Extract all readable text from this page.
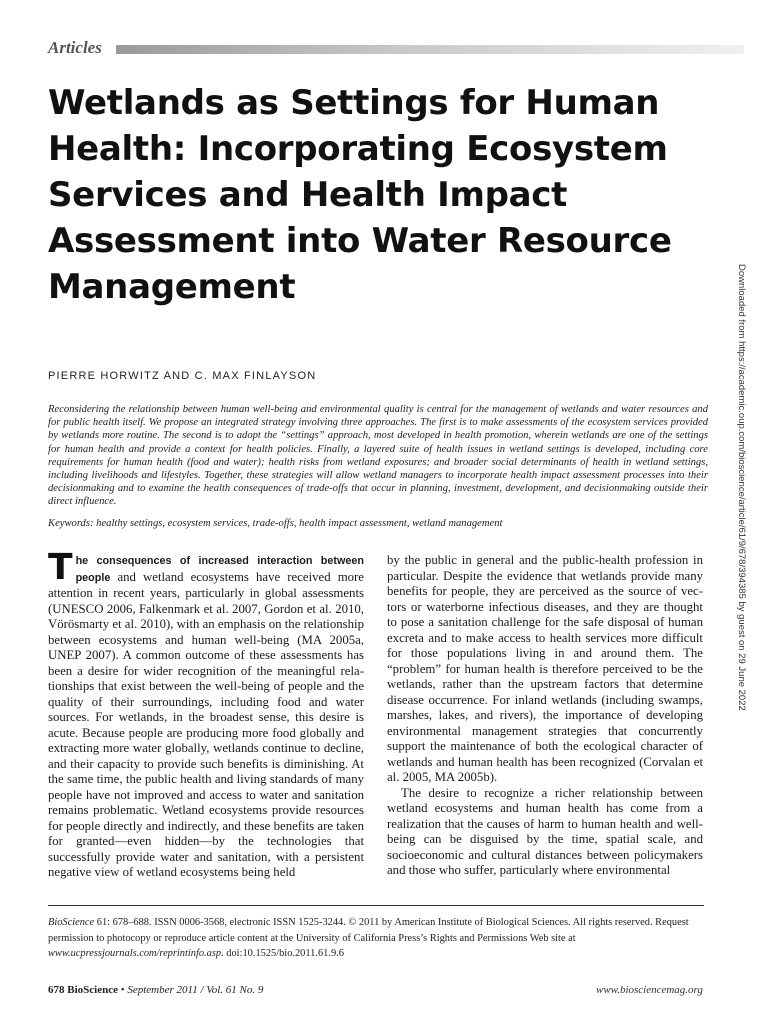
Articles
Wetlands as Settings for Human Health: Incorporating Ecosystem Services and Health Impact Assessment into Water Resource Management	Downloaded from https://academic.oup.com/bioscience/article/61/9/678/394385 by guest on 29 June 2022
PIERRE HORWITZ AND C. MAX FINLAYSON

Reconsidering the relationship between human well-being and environmental quality is central for the management of wetlands and water resources and for public health itself. We propose an integrated strategy involving three approaches. The first is to make assessments of the ecosystem services provided by wetlands more routine. The second is to adopt the “settings” approach, most developed in health promotion, wherein wetlands are one of the settings for human health and provide a context for health policies. Finally, a layered suite of health issues in wetland settings is developed, including core requirements for human health (food and water); health risks from wetland exposures; and broader social determinants of health in wetland settings, including livelihoods and lifestyles. Together, these strategies will allow wetland managers to incorporate health impact assessment processes into their decisionmaking and to examine the health consequences of trade-offs that occur in planning, investment, development, and decisionmaking outside their direct influence.

Keywords: healthy settings, ecosystem services, trade-offs, health impact assessment, wetland management

The consequences of increased interaction between people and wetland ecosystems have received more attention in recent years, particularly in global assessments (UNESCO 2006, Falkenmark et al. 2007, Gordon et al. 2010, Vörösmarty et al. 2010), with an emphasis on the relationship between ecosystems and human well-being (MA 2005a, UNEP 2007). A common outcome of these assessments has been a desire for wider recognition of the meaningful relationships that exist between the well-being of people and the quality of their surroundings, including food and water sources. For wetlands, in the broadest sense, this desire is acute. Because people are producing more food globally and extracting more water globally, wetlands continue to decline, and their capacity to provide such benefits is diminishing. At the same time, the public health and living standards of many people have not improved and access to water and sanitation remains problematic. Wetland ecosystems provide resources for people directly and indirectly, and these benefits are taken for granted—even hidden—by the technologies that successfully provide water and sanitation, with a persistent negative view of wetland ecosystems being held

by the public in general and the public-health profession in particular. Despite the evidence that wetlands provide many benefits for people, they are perceived as the source of vectors or waterborne infectious diseases, and they are thought to pose a sanitation challenge for the safe disposal of human excreta and to make access to health services more difficult for those populations living in and around them. The “problem” for human health is therefore perceived to be the wetlands, rather than the upstream factors that determine disease occurrence. For inland wetlands (including swamps, marshes, lakes, and rivers), the importance of developing environmental management strategies that concurrently support the maintenance of both the ecological character of wetlands and human health has been recognized (Corvalan et al. 2005, MA 2005b).

The desire to recognize a richer relationship between wetland ecosystems and human health has come from a realization that the causes of harm to human health and well-being can be disguised by the time, spatial scale, and socioeconomic and cultural distances between policymakers and those who suffer, particularly where environmental

BioScience 61: 678–688. ISSN 0006-3568, electronic ISSN 1525-3244. © 2011 by American Institute of Biological Sciences. All rights reserved. Request permission to photocopy or reproduce article content at the University of California Press’s Rights and Permissions Web site at www.ucpressjournals.com/reprintinfo.asp. doi:10.1525/bio.2011.61.9.6

678 BioScience • September 2011 / Vol. 61 No. 9	www.biosciencemag.org
